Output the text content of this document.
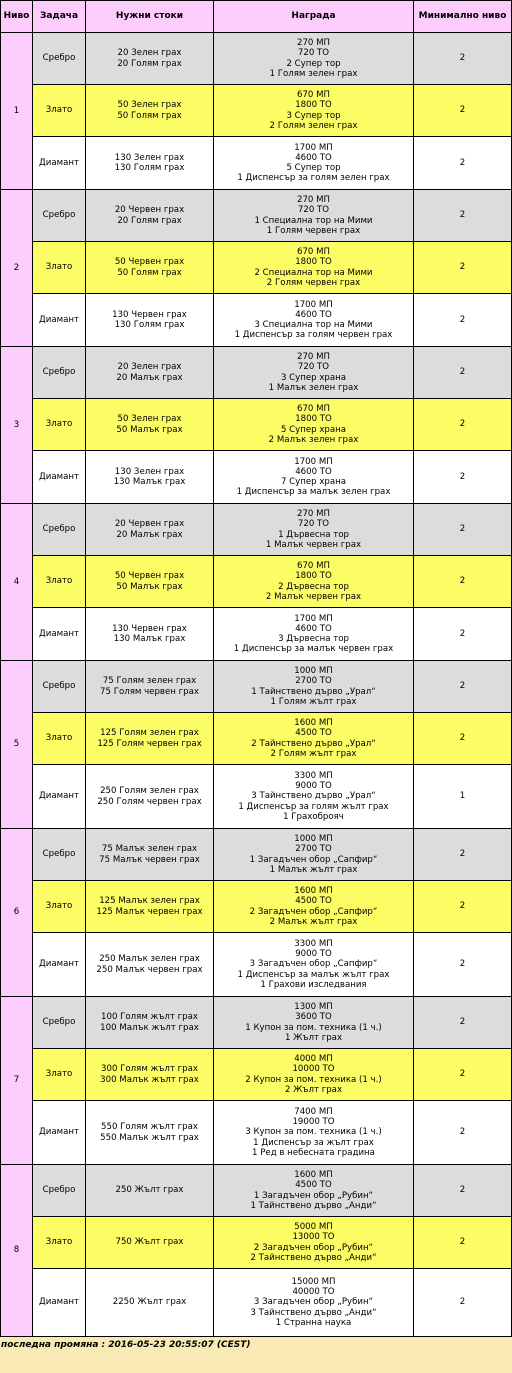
Ниво	Задача	Нужни стоки	Награда	Минимално ниво
1	Сребро	20 Зелен грах
20 Голям грах	270 МП
720 ТО
2 Супер тор
1 Голям зелен грах	2
	Злато	50 Зелен грах
50 Голям грах	670 МП
1800 ТО
3 Супер тор
2 Голям зелен грах	2
	Диамант	130 Зелен грах
130 Голям грах	1700 МП
4600 ТО
5 Супер тор
1 Диспенсър за голям зелен грах	2
2	Сребро	20 Червен грах
20 Голям грах	270 МП
720 ТО
1 Специална тор на Мими
1 Голям червен грах	2
	Злато	50 Червен грах
50 Голям грах	670 МП
1800 ТО
2 Специална тор на Мими
2 Голям червен грах	2
	Диамант	130 Червен грах
130 Голям грах	1700 МП
4600 ТО
3 Специална тор на Мими
1 Диспенсър за голям червен грах	2
3	Сребро	20 Зелен грах
20 Малък грах	270 МП
720 ТО
3 Супер храна
1 Малък зелен грах	2
	Злато	50 Зелен грах
50 Малък грах	670 МП
1800 ТО
5 Супер храна
2 Малък зелен грах	2
	Диамант	130 Зелен грах
130 Малък грах	1700 МП
4600 ТО
7 Супер храна
1 Диспенсър за малък зелен грах	2
4	Сребро	20 Червен грах
20 Малък грах	270 МП
720 ТО
1 Дървесна тор
1 Малък червен грах	2
	Злато	50 Червен грах
50 Малък грах	670 МП
1800 ТО
2 Дървесна тор
2 Малък червен грах	2
	Диамант	130 Червен грах
130 Малък грах	1700 МП
4600 ТО
3 Дървесна тор
1 Диспенсър за малък червен грах	2
5	Сребро	75 Голям зелен грах
75 Голям червен грах	1000 МП
2700 ТО
1 Тайнствено дърво „Урал“
1 Голям жълт грах	2
	Злато	125 Голям зелен грах
125 Голям червен грах	1600 МП
4500 ТО
2 Тайнствено дърво „Урал“
2 Голям жълт грах	2
	Диамант	250 Голям зелен грах
250 Голям червен грах	3300 МП
9000 ТО
3 Тайнствено дърво „Урал“
1 Диспенсър за голям жълт грах
1 Грахоброяч	1
6	Сребро	75 Малък зелен грах
75 Малък червен грах	1000 МП
2700 ТО
1 Загадъчен обор „Сапфир“
1 Малък жълт грах	2
	Злато	125 Малък зелен грах
125 Малък червен грах	1600 МП
4500 ТО
2 Загадъчен обор „Сапфир“
2 Малък жълт грах	2
	Диамант	250 Малък зелен грах
250 Малък червен грах	3300 МП
9000 ТО
3 Загадъчен обор „Сапфир“
1 Диспенсър за малък жълт грах
1 Грахови изследвания	2
7	Сребро	100 Голям жълт грах
100 Малък жълт грах	1300 МП
3600 ТО
1 Купон за пом. техника (1 ч.)
1 Жълт грах	2
	Злато	300 Голям жълт грах
300 Малък жълт грах	4000 МП
10000 ТО
2 Купон за пом. техника (1 ч.)
2 Жълт грах	2
	Диамант	550 Голям жълт грах
550 Малък жълт грах	7400 МП
19000 ТО
3 Купон за пом. техника (1 ч.)
1 Диспенсър за жълт грах
1 Ред в небесната градина	2
8	Сребро	250 Жълт грах	1600 МП
4500 ТО
1 Загадъчен обор „Рубин“
1 Тайнствено дърво „Анди“	2
	Злато	750 Жълт грах	5000 МП
13000 ТО
2 Загадъчен обор „Рубин“
2 Тайнствено дърво „Анди“	2
	Диамант	2250 Жълт грах	15000 МП
40000 ТО
3 Загадъчен обор „Рубин“
3 Тайнствено дърво „Анди“
1 Странна наука	2
последна промяна : 2016-05-23 20:55:07 (CEST)
